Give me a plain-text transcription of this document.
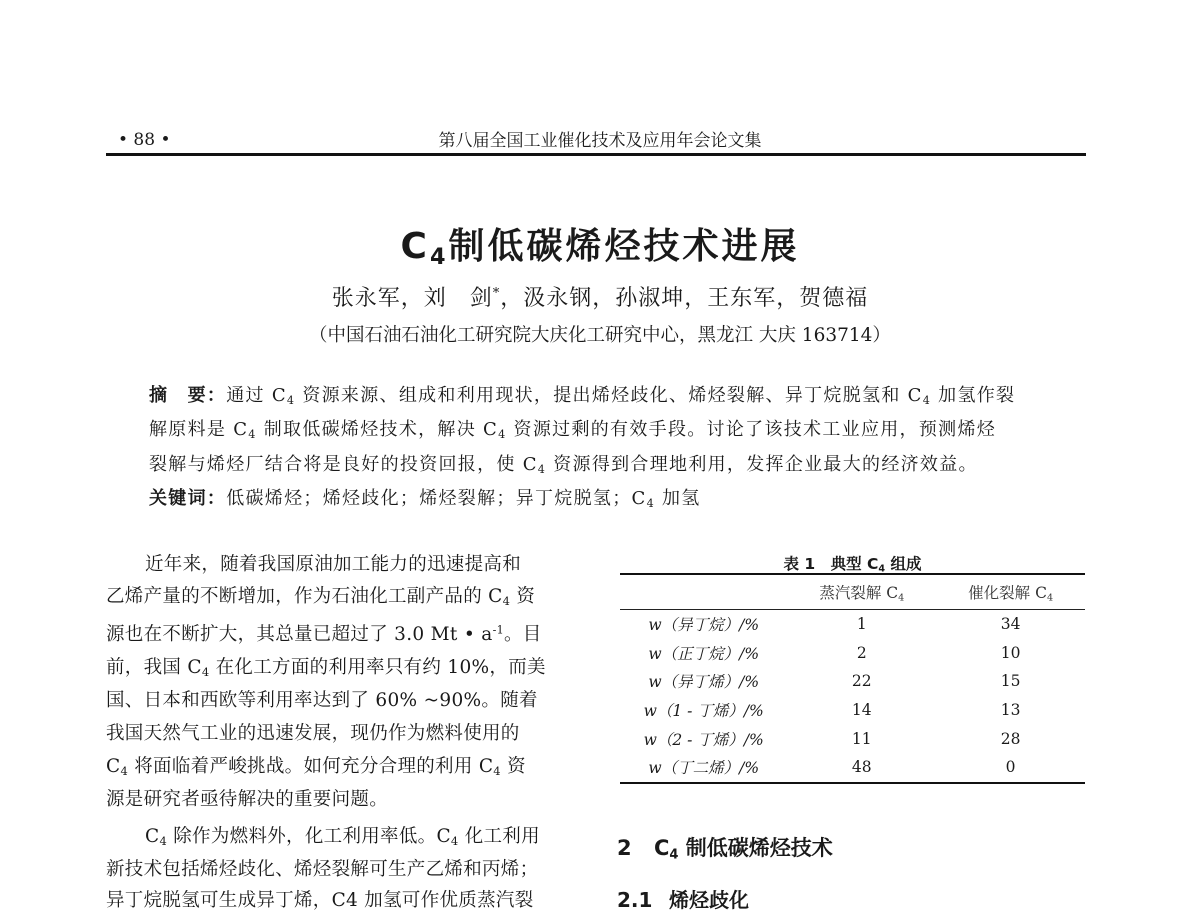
• 88 •	第八届全国工业催化技术及应用年会论文集
$C_4$制低碳烯烃技术进展
张永军，刘　剑*，汲永钢，孙淑坤，王东军，贺德福
（中国石油石油化工研究院大庆化工研究中心，黑龙江 大庆 163714）
摘　要：通过 $C_4$ 资源来源、组成和利用现状，提出烯烃歧化、烯烃裂解、异丁烷脱氢和 $C_4$ 加氢作裂
解原料是 $C_4$ 制取低碳烯烃技术，解决 $C_4$ 资源过剩的有效手段。讨论了该技术工业应用，预测烯烃
裂解与烯烃厂结合将是良好的投资回报，使 $C_4$ 资源得到合理地利用，发挥企业最大的经济效益。
关键词：低碳烯烃；烯烃歧化；烯烃裂解；异丁烷脱氢；$C_4$ 加氢
近年来，随着我国原油加工能力的迅速提高和
乙烯产量的不断增加，作为石油化工副产品的 $C_4$ 资
源也在不断扩大，其总量已超过了 3.0 Mt • $a^{-1}$。目
前，我国 $C_4$ 在化工方面的利用率只有约 10%，而美
国、日本和西欧等利用率达到了 60% ~90%。随着
我国天然气工业的迅速发展，现仍作为燃料使用的
$C_4$ 将面临着严峻挑战。如何充分合理的利用 $C_4$ 资
源是研究者亟待解决的重要问题。
$C_4$ 除作为燃料外，化工利用率低。$C_4$ 化工利用
新技术包括烯烃歧化、烯烃裂解可生产乙烯和丙烯；
异丁烷脱氢可生成异丁烯，C4 加氢可作优质蒸汽裂
表 1　典型 $C_4$ 组成
	蒸汽裂解 $C_4$	催化裂解 $C_4$
w（异丁烷）/%	1	34
w（正丁烷）/%	2	10
w（异丁烯）/%	22	15
w（1 - 丁烯）/%	14	13
w（2 - 丁烯）/%	11	28
w（丁二烯）/%	48	0
2 $C_4$ 制低碳烯烃技术
2.1 烯烃歧化
